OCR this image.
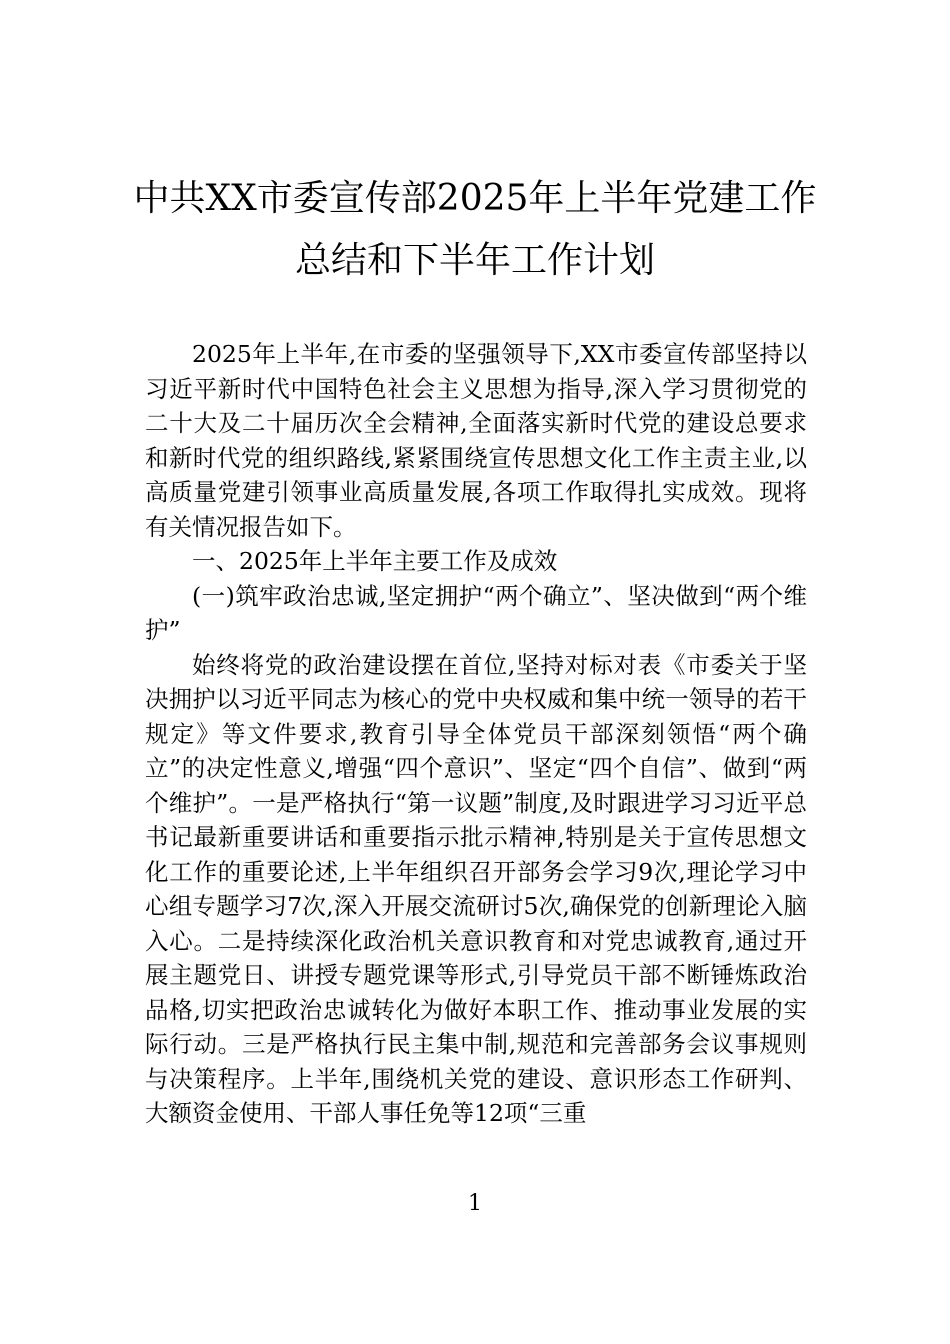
中共XX市委宣传部2025年上半年党建工作总结和下半年工作计划

2025年上半年,在市委的坚强领导下,XX市委宣传部坚持以习近平新时代中国特色社会主义思想为指导,深入学习贯彻党的二十大及二十届历次全会精神,全面落实新时代党的建设总要求和新时代党的组织路线,紧紧围绕宣传思想文化工作主责主业,以高质量党建引领事业高质量发展,各项工作取得扎实成效。现将有关情况报告如下。

一、2025年上半年主要工作及成效

(一)筑牢政治忠诚,坚定拥护“两个确立”、坚决做到“两个维护”

始终将党的政治建设摆在首位,坚持对标对表《市委关于坚决拥护以习近平同志为核心的党中央权威和集中统一领导的若干规定》等文件要求,教育引导全体党员干部深刻领悟“两个确立”的决定性意义,增强“四个意识”、坚定“四个自信”、做到“两个维护”。一是严格执行“第一议题”制度,及时跟进学习习近平总书记最新重要讲话和重要指示批示精神,特别是关于宣传思想文化工作的重要论述,上半年组织召开部务会学习9次,理论学习中心组专题学习7次,深入开展交流研讨5次,确保党的创新理论入脑入心。二是持续深化政治机关意识教育和对党忠诚教育,通过开展主题党日、讲授专题党课等形式,引导党员干部不断锤炼政治品格,切实把政治忠诚转化为做好本职工作、推动事业发展的实际行动。三是严格执行民主集中制,规范和完善部务会议事规则与决策程序。上半年,围绕机关党的建设、意识形态工作研判、大额资金使用、干部人事任免等12项“三重

1
